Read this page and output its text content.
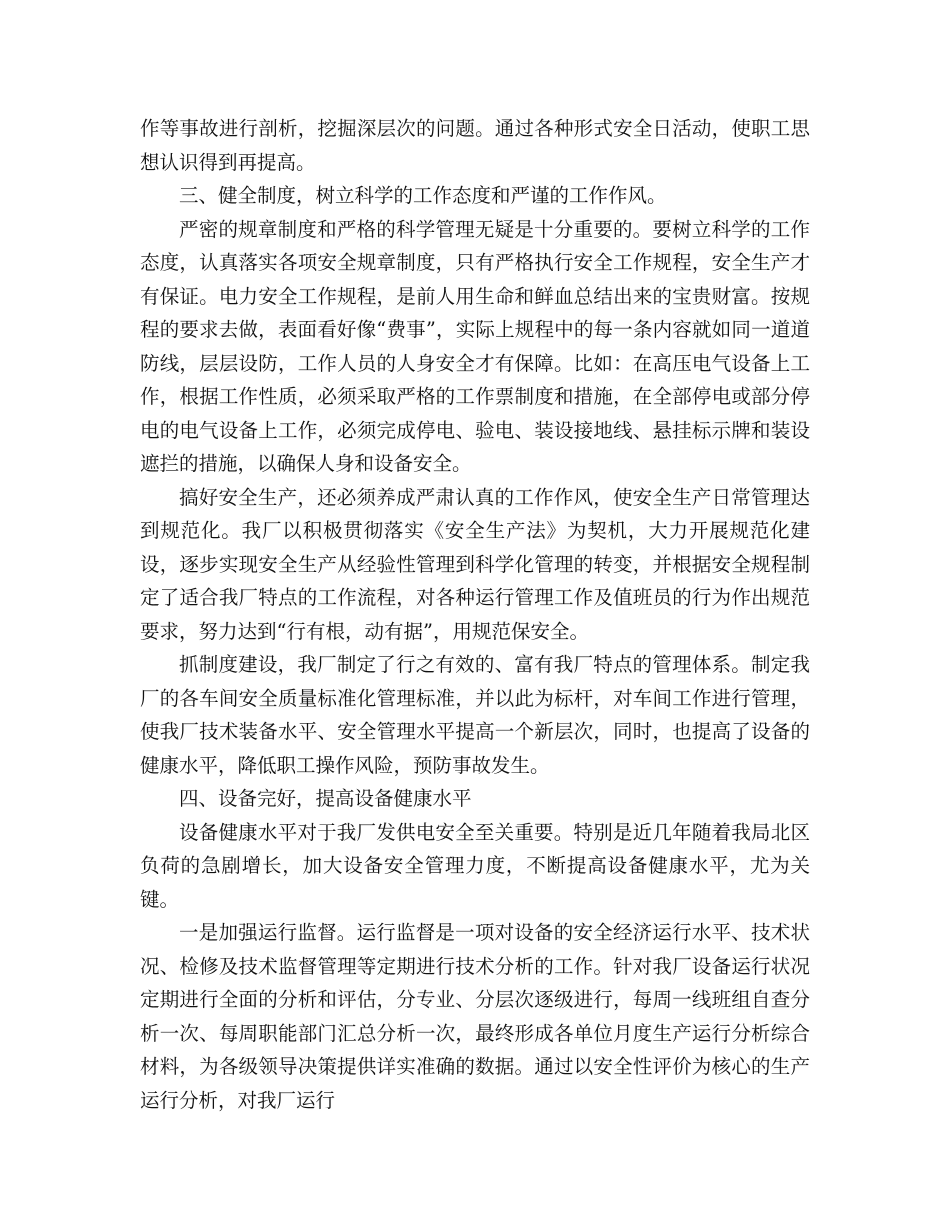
作等事故进行剖析，挖掘深层次的问题。通过各种形式安全日活动，使职工思想认识得到再提高。

三、健全制度，树立科学的工作态度和严谨的工作作风。

严密的规章制度和严格的科学管理无疑是十分重要的。要树立科学的工作态度，认真落实各项安全规章制度，只有严格执行安全工作规程，安全生产才有保证。电力安全工作规程，是前人用生命和鲜血总结出来的宝贵财富。按规程的要求去做，表面看好像“费事”，实际上规程中的每一条内容就如同一道道防线，层层设防，工作人员的人身安全才有保障。比如：在高压电气设备上工作，根据工作性质，必须采取严格的工作票制度和措施，在全部停电或部分停电的电气设备上工作，必须完成停电、验电、装设接地线、悬挂标示牌和装设遮拦的措施，以确保人身和设备安全。

搞好安全生产，还必须养成严肃认真的工作作风，使安全生产日常管理达到规范化。我厂以积极贯彻落实《安全生产法》为契机，大力开展规范化建设，逐步实现安全生产从经验性管理到科学化管理的转变，并根据安全规程制定了适合我厂特点的工作流程，对各种运行管理工作及值班员的行为作出规范要求，努力达到“行有根，动有据”，用规范保安全。

抓制度建设，我厂制定了行之有效的、富有我厂特点的管理体系。制定我厂的各车间安全质量标准化管理标准，并以此为标杆，对车间工作进行管理，使我厂技术装备水平、安全管理水平提高一个新层次，同时，也提高了设备的健康水平，降低职工操作风险，预防事故发生。

四、设备完好，提高设备健康水平

设备健康水平对于我厂发供电安全至关重要。特别是近几年随着我局北区负荷的急剧增长，加大设备安全管理力度，不断提高设备健康水平，尤为关键。

一是加强运行监督。运行监督是一项对设备的安全经济运行水平、技术状况、检修及技术监督管理等定期进行技术分析的工作。针对我厂设备运行状况定期进行全面的分析和评估，分专业、分层次逐级进行，每周一线班组自查分析一次、每周职能部门汇总分析一次，最终形成各单位月度生产运行分析综合材料，为各级领导决策提供详实准确的数据。通过以安全性评价为核心的生产运行分析，对我厂运行
